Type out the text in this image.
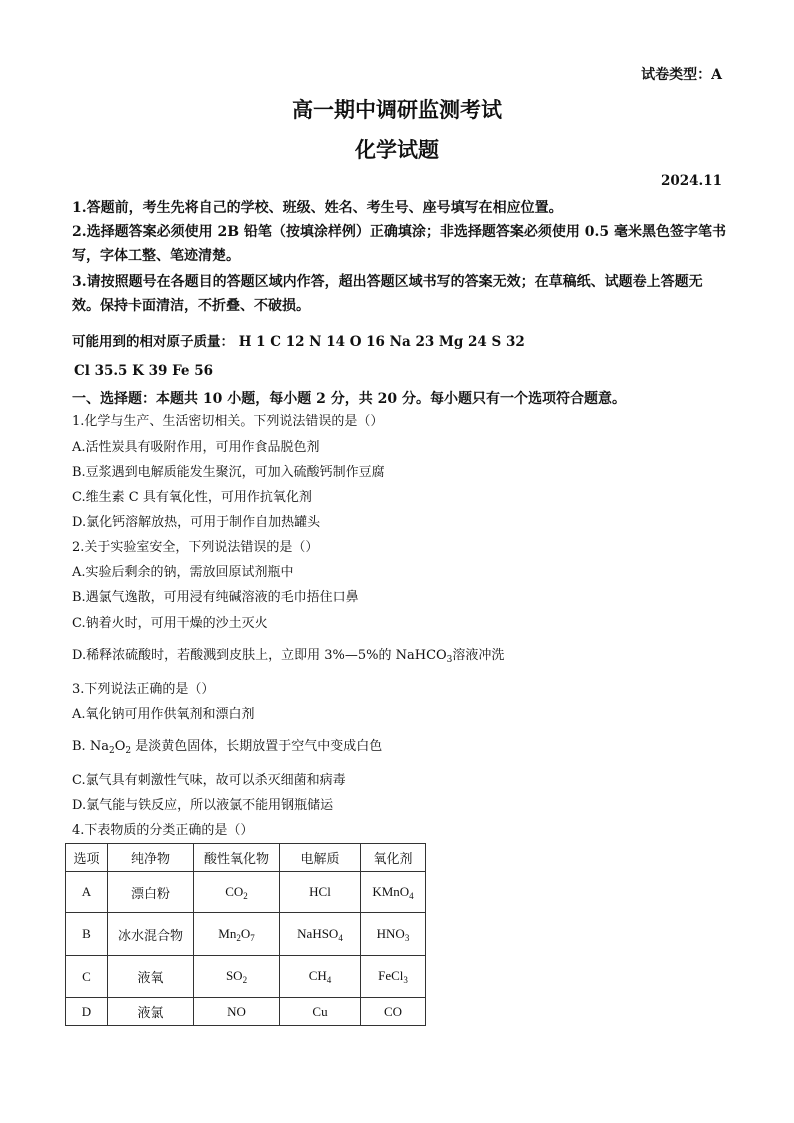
试卷类型：A
高一期中调研监测考试
化学试题
2024.11
1.答题前，考生先将自己的学校、班级、姓名、考生号、座号填写在相应位置。
2.选择题答案必须使用 2B 铅笔（按填涂样例）正确填涂；非选择题答案必须使用 0.5 毫米黑色签字笔书写，字体工整、笔迹清楚。
3.请按照题号在各题目的答题区域内作答，超出答题区域书写的答案无效；在草稿纸、试题卷上答题无效。保持卡面清洁，不折叠、不破损。
可能用到的相对原子质量： H 1 C 12 N 14 O 16 Na 23 Mg 24 S 32
Cl 35.5 K 39 Fe 56
一、选择题：本题共 10 小题，每小题 2 分，共 20 分。每小题只有一个选项符合题意。
1.化学与生产、生活密切相关。下列说法错误的是（）
A.活性炭具有吸附作用，可用作食品脱色剂
B.豆浆遇到电解质能发生聚沉，可加入硫酸钙制作豆腐
C.维生素 C 具有氧化性，可用作抗氧化剂
D.氯化钙溶解放热，可用于制作自加热罐头
2.关于实验室安全，下列说法错误的是（）
A.实验后剩余的钠，需放回原试剂瓶中
B.遇氯气逸散，可用浸有纯碱溶液的毛巾捂住口鼻
C.钠着火时，可用干燥的沙土灭火
D.稀释浓硫酸时，若酸溅到皮肤上，立即用 3%—5%的 NaHCO$_3$溶液冲洗
3.下列说法正确的是（）
A.氧化钠可用作供氧剂和漂白剂
B. $Na_2O_2$ 是淡黄色固体，长期放置于空气中变成白色
C.氯气具有刺激性气味，故可以杀灭细菌和病毒
D.氯气能与铁反应，所以液氯不能用钢瓶储运
4.下表物质的分类正确的是（）
选项	纯净物	酸性氧化物	电解质	氧化剂
A	漂白粉	$CO_2$	HCl	KMnO$_4$
B	冰水混合物	$Mn_2O_7$	NaHSO$_4$	$HNO_3$
C	液氧	$SO_2$	$CH_4$	FeCl$_3$
D	液氯	NO	Cu	CO
